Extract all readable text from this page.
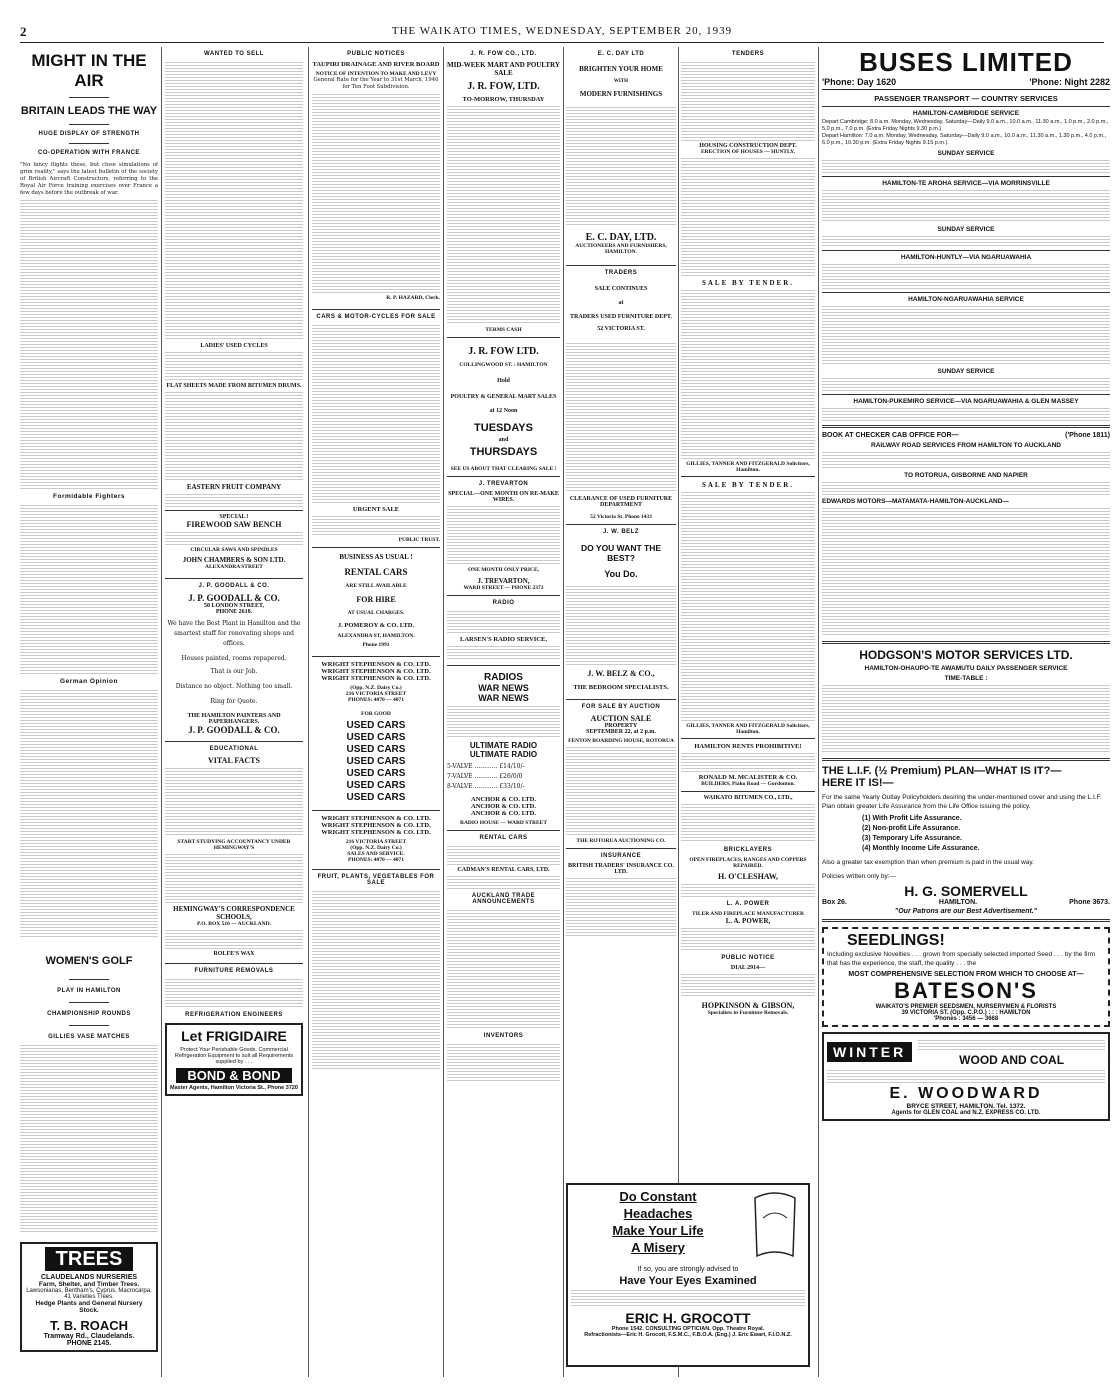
2	THE WAIKATO TIMES, WEDNESDAY, SEPTEMBER 20, 1939
MIGHT IN THE AIR
BRITAIN LEADS THE WAY
HUGE DISPLAY OF STRENGTH
CO-OPERATION WITH FRANCE
"No fancy flights these, but close simulations of grim reality," says the latest bulletin of the society of British Aircraft Constructors, referring to the Royal Air Force training exercises over France a few days before the outbreak of war.
Formidable Fighters
German Opinion
WOMEN'S GOLF
PLAY IN HAMILTON
CHAMPIONSHIP ROUNDS
GILLIES VASE MATCHES
TREES
CLAUDELANDS NURSERIES
Farm, Shelter, and Timber Trees.
Lawsonianas, Bentham's, Cyprus, Macrocarpa.
41 Varieties Trees.
Hedge Plants and General Nursery Stock.
T. B. ROACH
Tramway Rd., Claudelands.
PHONE 2145.
WANTED TO SELL
LADIES' USED CYCLES
FLAT SHEETS MADE FROM BITUMEN DRUMS.
EASTERN FRUIT COMPANY
SPECIAL !
FIREWOOD SAW BENCH
CIRCULAR SAWS AND SPINDLES
JOHN CHAMBERS & SON LTD.
ALEXANDRA STREET
J. P. GOODALL & CO.
J. P. GOODALL & CO.
50 LONDON STREET,
PHONE 2618.
We have the Best Plant in Hamilton and the smartest staff for renovating shops and offices.
Houses painted, rooms repapered.
That is our Job.
Distance no object. Nothing too small.
Ring for Quote.
THE HAMILTON PAINTERS AND PAPERHANGERS.
J. P. GOODALL & CO.
EDUCATIONAL
VITAL FACTS
START STUDYING ACCOUNTANCY UNDER HEMINGWAY'S
HEMINGWAY'S CORRESPONDENCE SCHOOLS,
P.O. BOX 516 — AUCKLAND.
ROLFE'S WAX
FURNITURE REMOVALS
REFRIGERATION ENGINEERS
Let FRIGIDAIRE
Protect Your Perishable Goods. Commercial Refrigeration Equipment to suit all Requirements supplied by . . .
BOND & BOND
Master Agents, Hamilton Victoria St., Phone 3720
PUBLIC NOTICES
TAUPIRI DRAINAGE AND RIVER BOARD
NOTICE OF INTENTION TO MAKE AND LEVY
General Rate for the Year to 31st March, 1940 for Ten Foot Subdivision.
R. P. HAZARD, Clerk.
CARS & MOTOR-CYCLES FOR SALE
URGENT SALE
PUBLIC TRUST.
BUSINESS AS USUAL !
RENTAL CARS
ARE STILL AVAILABLE
FOR HIRE
AT USUAL CHARGES.
J. POMEROY & CO. LTD.
ALEXANDRA ST, HAMILTON.
Phone 1991
WRIGHT STEPHENSON & CO. LTD.
WRIGHT STEPHENSON & CO. LTD.
WRIGHT STEPHENSON & CO. LTD.
(Opp. N.Z. Dairy Co.)
216 VICTORIA STREET
PHONES: 4070 — 4071
FOR GOOD
USED CARS
USED CARS
USED CARS
USED CARS
USED CARS
USED CARS
USED CARS
WRIGHT STEPHENSON & CO. LTD.
WRIGHT STEPHENSON & CO. LTD.
WRIGHT STEPHENSON & CO. LTD.
216 VICTORIA STREET
(Opp. N.Z. Dairy Co.)
SALES AND SERVICE.
PHONES: 4070 — 4071
FRUIT, PLANTS, VEGETABLES FOR SALE
J. R. FOW CO., LTD.
MID-WEEK MART AND POULTRY SALE
J. R. FOW, LTD.
TO-MORROW, THURSDAY
TERMS CASH
J. R. FOW LTD.
COLLINGWOOD ST. : HAMILTON
Hold
POULTRY & GENERAL MART SALES
at 12 Noon
TUESDAYS
and
THURSDAYS
SEE US ABOUT THAT CLEARING SALE !
J. TREVARTON
SPECIAL—ONE MONTH ON RE-MAKE WIRES.
ONE MONTH ONLY PRICE,
J. TREVARTON,
WARD STREET — PHONE 2372
RADIO
LARSEN'S RADIO SERVICE,
RADIOS
WAR NEWS
WAR NEWS
ULTIMATE RADIO
ULTIMATE RADIO
5-VALVE ............ £14/10/-
7-VALVE ............ £26/0/0
8-VALVE ............ £33/10/-
ANCHOR & CO. LTD.
ANCHOR & CO. LTD.
ANCHOR & CO. LTD.
RADIO HOUSE — WARD STREET
RENTAL CARS
CADMAN'S RENTAL CARS, LTD.
AUCKLAND TRADE ANNOUNCEMENTS
INVENTORS
E. C. DAY LTD
BRIGHTEN YOUR HOME
WITH
MODERN FURNISHINGS
E. C. DAY, LTD.
AUCTIONEERS AND FURNISHERS, HAMILTON.
TRADERS
SALE CONTINUES
at
TRADERS USED FURNITURE DEPT.
52 VICTORIA ST.
CLEARANCE OF USED FURNITURE DEPARTMENT
52 Victoria St. Phone 1433
J. W. BELZ
DO YOU WANT THE BEST?
You Do.
J. W. BELZ & CO.,
THE BEDROOM SPECIALISTS.
FOR SALE BY AUCTION
AUCTION SALE
PROPERTY
SEPTEMBER 22, at 2 p.m.
FENTON BOARDING HOUSE, ROTORUA
THE ROTORUA AUCTIONING CO.
INSURANCE
BRITISH TRADERS' INSURANCE CO. LTD.
Do Constant
Headaches
Make Your Life
A Misery
If so, you are strongly advised to
Have Your Eyes Examined
ERIC H. GROCOTT
Phone 1542. CONSULTING OPTICIAN, Opp. Theatre Royal.
Refractionists—Eric H. Grocott, F.S.M.C., F.B.O.A. (Eng.) J. Eric Ewart, F.I.O.N.Z.
TENDERS
HOUSING CONSTRUCTION DEPT.
ERECTION OF HOUSES — HUNTLY.
SALE BY TENDER.
GILLIES, TANNER AND FITZGERALD Solicitors, Hamilton.
SALE BY TENDER.
GILLIES, TANNER AND FITZGERALD Solicitors, Hamilton.
HAMILTON RENTS PROHIBITIVE!
RONALD M. MCALISTER & CO.
BUILDERS, Piako Road — Gordonton.
WAIKATO BITUMEN CO., LTD.,
BRICKLAYERS
OPEN FIREPLACES, RANGES AND COPPERS REPAIRED.
H. O'CLESHAW,
L. A. POWER
TILER AND FIREPLACE MANUFACTURER
L. A. POWER,
PUBLIC NOTICE
DIAL 2914—
HOPKINSON & GIBSON,
Specialists in Furniture Removals.
BUSES LIMITED
'Phone: Day 1620	'Phone: Night 2282
PASSENGER TRANSPORT — COUNTRY SERVICES
HAMILTON-CAMBRIDGE SERVICE
Depart Cambridge: 8.0 a.m. Monday, Wednesday, Saturday—Daily 9.0 a.m., 10.0 a.m., 11.30 a.m., 1.0 p.m., 2.0 p.m., 5.0 p.m., 7.0 p.m. (Extra Friday Nights 9.30 p.m.).
Depart Hamilton: 7.0 a.m. Monday, Wednesday, Saturday—Daily 9.0 a.m., 10.0 a.m., 11.30 a.m., 1.30 p.m., 4.0 p.m., 6.0 p.m., 10.30 p.m. (Extra Friday Nights 9.15 p.m.).
SUNDAY SERVICE
HAMILTON-TE AROHA SERVICE—VIA MORRINSVILLE
SUNDAY SERVICE
HAMILTON-HUNTLY—VIA NGARUAWAHIA
HAMILTON-NGARUAWAHIA SERVICE
SUNDAY SERVICE
HAMILTON-PUKEMIRO SERVICE—VIA NGARUAWAHIA & GLEN MASSEY
BOOK AT CHECKER CAB OFFICE FOR—	('Phone 1811)
RAILWAY ROAD SERVICES FROM HAMILTON TO AUCKLAND
TO ROTORUA, GISBORNE AND NAPIER
EDWARDS MOTORS—MATAMATA-HAMILTON-AUCKLAND—
HODGSON'S MOTOR SERVICES LTD.
HAMILTON-OHAUPO-TE AWAMUTU DAILY PASSENGER SERVICE
TIME-TABLE :
THE L.I.F. (½ Premium) PLAN—WHAT IS IT?—
HERE IT IS!—
For the same Yearly Outlay Policyholders desiring the under-mentioned cover and using the L.I.F. Plan obtain greater Life Assurance from the Life Office issuing the policy.
(1) With Profit Life Assurance.
(2) Non-profit Life Assurance.
(3) Temporary Life Assurance.
(4) Monthly Income Life Assurance.
Also a greater tax exemption than when premium is paid in the usual way.
Policies written only by:—
H. G. SOMERVELL
Box 26.	HAMILTON.	Phone 3673.
"Our Patrons are our Best Advertisement."
SEEDLINGS!
Including exclusive Novelties . . . grown from specially selected imported Seed . . . by the firm that has the experience, the staff, the quality . . . the
MOST COMPREHENSIVE SELECTION FROM WHICH TO CHOOSE AT—
BATESON'S
WAIKATO'S PREMIER SEEDSMEN, NURSERYMEN & FLORISTS
39 VICTORIA ST. (Opp. C.P.O.) : : : HAMILTON
'Phones : 3456 — 3668
WINTER	WOOD AND COAL
E. WOODWARD
BRYCE STREET, HAMILTON. Tel. 1372.
Agents for GLEN COAL and N.Z. EXPRESS CO. LTD.
